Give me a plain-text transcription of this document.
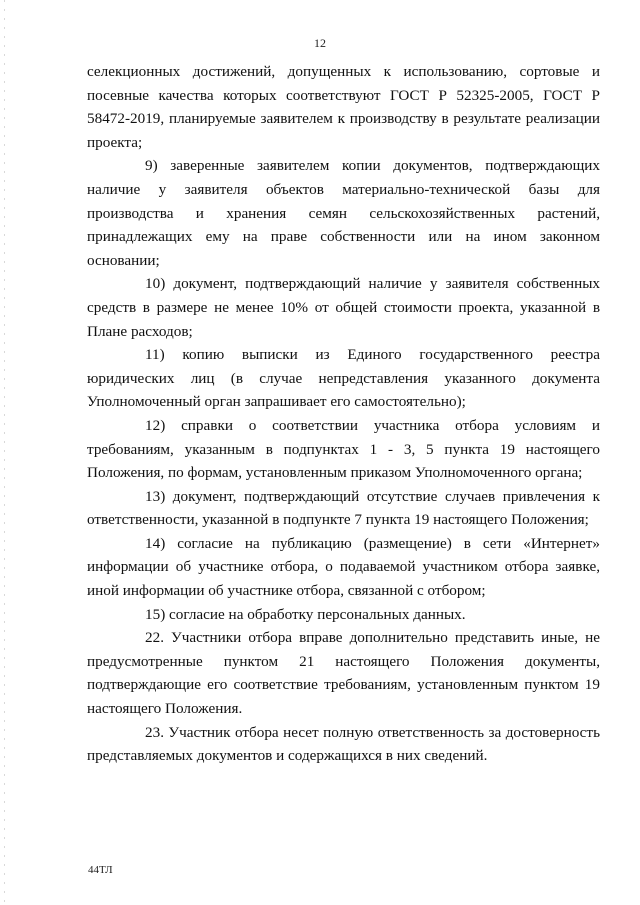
12

селекционных достижений, допущенных к использованию, сортовые и посевные качества которых соответствуют ГОСТ Р 52325-2005, ГОСТ Р 58472-2019, планируемые заявителем к производству в результате реализации проекта;

9) заверенные заявителем копии документов, подтверждающих наличие у заявителя объектов материально-технической базы для производства и хранения семян сельскохозяйственных растений, принадлежащих ему на праве собственности или на ином законном основании;

10) документ, подтверждающий наличие у заявителя собственных средств в размере не менее 10% от общей стоимости проекта, указанной в Плане расходов;

11) копию выписки из Единого государственного реестра юридических лиц (в случае непредставления указанного документа Уполномоченный орган запрашивает его самостоятельно);

12) справки о соответствии участника отбора условиям и требованиям, указанным в подпунктах 1 - 3, 5 пункта 19 настоящего Положения, по формам, установленным приказом Уполномоченного органа;

13) документ, подтверждающий отсутствие случаев привлечения к ответственности, указанной в подпункте 7 пункта 19 настоящего Положения;

14) согласие на публикацию (размещение) в сети «Интернет» информации об участнике отбора, о подаваемой участником отбора заявке, иной информации об участнике отбора, связанной с отбором;

15) согласие на обработку персональных данных.

22. Участники отбора вправе дополнительно представить иные, не предусмотренные пунктом 21 настоящего Положения документы, подтверждающие его соответствие требованиям, установленным пунктом 19 настоящего Положения.

23. Участник отбора несет полную ответственность за достоверность представляемых документов и содержащихся в них сведений.

44ТЛ
